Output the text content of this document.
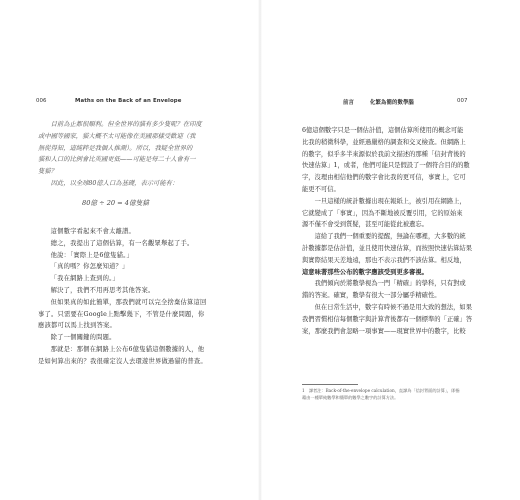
006	Maths on the Back of an Envelope

目前為止都很順利。但全世界的貓有多少隻呢？在印度

或中國等國家，貓大概不太可能像在美國那樣受歡迎（我

無從得知，這純粹是我個人推測）。所以，我疑全世界的

貓和人口的比例會比英國更低——可能是每二十人會有一

隻貓？

因此，以全球80億人口為基礎，表示可能有：

80億 ÷ 20 = 4億隻貓

這個數字看起來不會太離譜。

總之，我提出了這個估算，有一名觀眾舉起了手。

他說：「實際上是6億隻貓。」

「真的嗎？你怎麼知道？」

「我在網路上查到的。」

解決了，我們不用再思考其他答案。

但如果真的如此簡單，那我們就可以完全捨棄估算這回

事了。只需要在Google上點擊幾下，不管是什麼問題，你

應該都可以馬上找到答案。

除了一個關鍵的問題。

那就是：那個在網路上公布6億隻貓這個數據的人，他

是如何算出來的？我很確定沒人去環遊世界做過貓的普查。

前言	化繁為簡的數學腦	007

6億這個數字只是一個估計值，這個估算所使用的概念可能

比我的稍微科學，並經過嚴格的調查和交叉檢查。但網路上

的數字，似乎多半來源似於我前文描述的那種「信封背後的

快速估算」1，或者，他們可能只是假設了一個符合目的的數

字，沒理由相信他們的數字會比我的更可信，事實上，它可

能更不可信。

一旦這樣的統計數據出現在報紙上，被引用在網路上，

它就變成了「事實」，因為不斷地被反覆引用，它的原始來

源不僅不會受到質疑，甚至可能從此被遺忘。

這給了我們一個重要的提醒，無論在哪裡，大多數的統

計數據都是估計值，並且使用快速估算，而按照快速估算結果

與實際結果天差地遠，那也不表示我們不該估算。相反地，

這意味著那些公布的數字應該受到更多審視。

我們傾向於將數學視為一門「精確」的學科，只有對或

錯的答案。確實，數學有很大一部分屬乎精確性。

但在日常生活中，數字有時候不過是用大致的想法，如果

我們習慣相信每個數字與計算背後都有一個標準的「正確」答

案，那麼我們會忽略一項事實——現實世界中的數字，比較

1　譯者注：Back-of-the-envelope calculation，直譯為「信封背面的計算」，即指藉由一種單純數學和簡單的數學之數字的計算方法。
